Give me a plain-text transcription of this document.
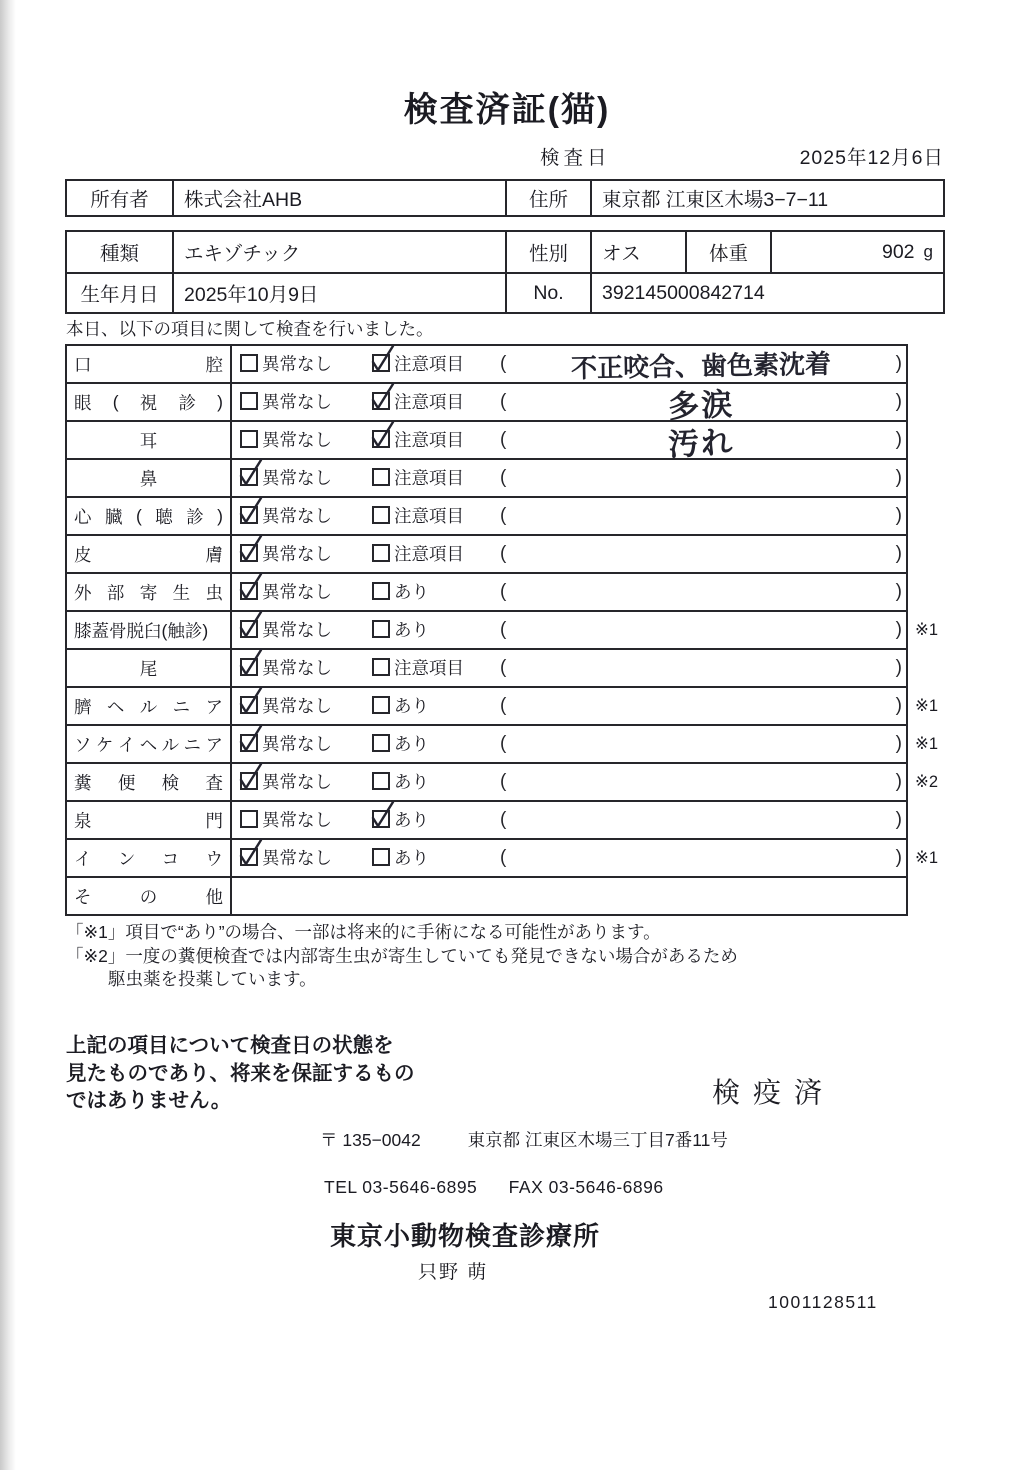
検査済証(猫)
検査日	2025年12月6日
所有者	株式会社AHB	住所	東京都 江東区木場3−7−11
種類	エキゾチック	性別	オス	体重	902 g
生年月日	2025年10月9日	No.	392145000842714

本日、以下の項目に関して検査を行いました。

口	腔	異常なし	注意項目 (	不正咬合、歯色素沈着	)
眼 ( 視 診 )	異常なし	注意項目 (	多涙	)
耳	異常なし	注意項目 (	汚れ	)
鼻	異常なし	注意項目 (	)
心 臓 ( 聴 診 )	異常なし	注意項目 (	)
皮	膚	異常なし	注意項目 (	)
外 部 寄 生 虫	異常なし	あり	(	)
膝蓋骨脱臼(触診)	異常なし	あり	(	) ※1
尾	異常なし	注意項目 (	)
臍 ヘ ル ニ ア	異常なし	あり	(	) ※1
ソ ケ イ ヘ ル ニ ア	異常なし	あり	(	) ※1
糞 便 検 査	異常なし	あり	(	) ※2
泉	門	異常なし	あり	(	)
イ ン コ ウ	異常なし	あり	(	) ※1
そ	の	他

「※1」項目で“あり”の場合、一部は将来的に手術になる可能性があります。

「※2」一度の糞便検査では内部寄生虫が寄生していても発見できない場合があるため

駆虫薬を投薬しています。

上記の項目について検査日の状態を

見たものであり、将来を保証するもの

ではありません。	検疫済
〒 135−0042	東京都 江東区木場三丁目7番11号
TEL 03-5646-6895 FAX 03-5646-6896

東京小動物検査診療所

只野 萌
1001128511
